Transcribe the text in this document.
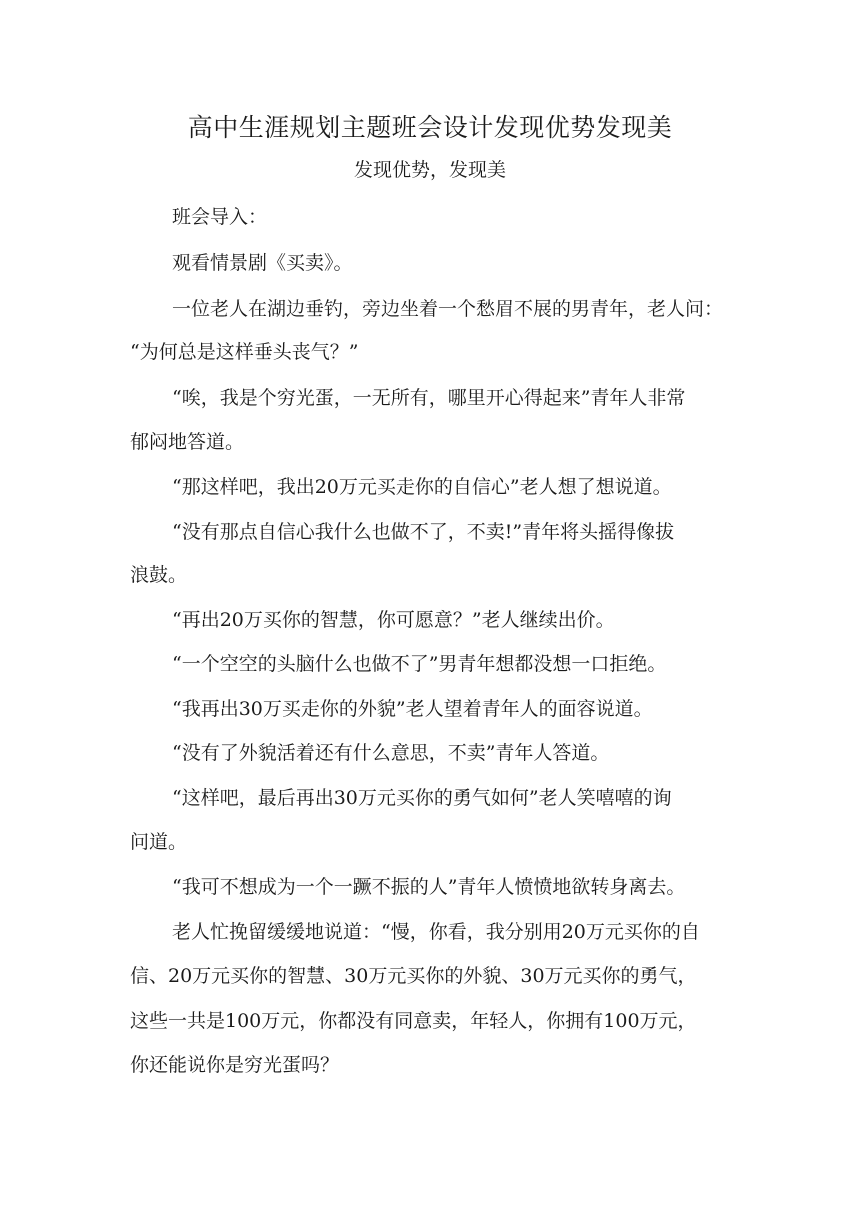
高中生涯规划主题班会设计发现优势发现美
发现优势，发现美
班会导入：
观看情景剧《买卖》。
一位老人在湖边垂钓，旁边坐着一个愁眉不展的男青年，老人问：
“为何总是这样垂头丧气？”
“唉，我是个穷光蛋，一无所有，哪里开心得起来”青年人非常
郁闷地答道。
“那这样吧，我出20万元买走你的自信心”老人想了想说道。
“没有那点自信心我什么也做不了，不卖!”青年将头摇得像拔
浪鼓。
“再出20万买你的智慧，你可愿意？”老人继续出价。
“一个空空的头脑什么也做不了”男青年想都没想一口拒绝。
“我再出30万买走你的外貌”老人望着青年人的面容说道。
“没有了外貌活着还有什么意思，不卖”青年人答道。
“这样吧，最后再出30万元买你的勇气如何”老人笑嘻嘻的询
问道。
“我可不想成为一个一蹶不振的人”青年人愤愤地欲转身离去。
老人忙挽留缓缓地说道：“慢，你看，我分别用20万元买你的自
信、20万元买你的智慧、30万元买你的外貌、30万元买你的勇气，
这些一共是100万元，你都没有同意卖，年轻人，你拥有100万元，
你还能说你是穷光蛋吗？
